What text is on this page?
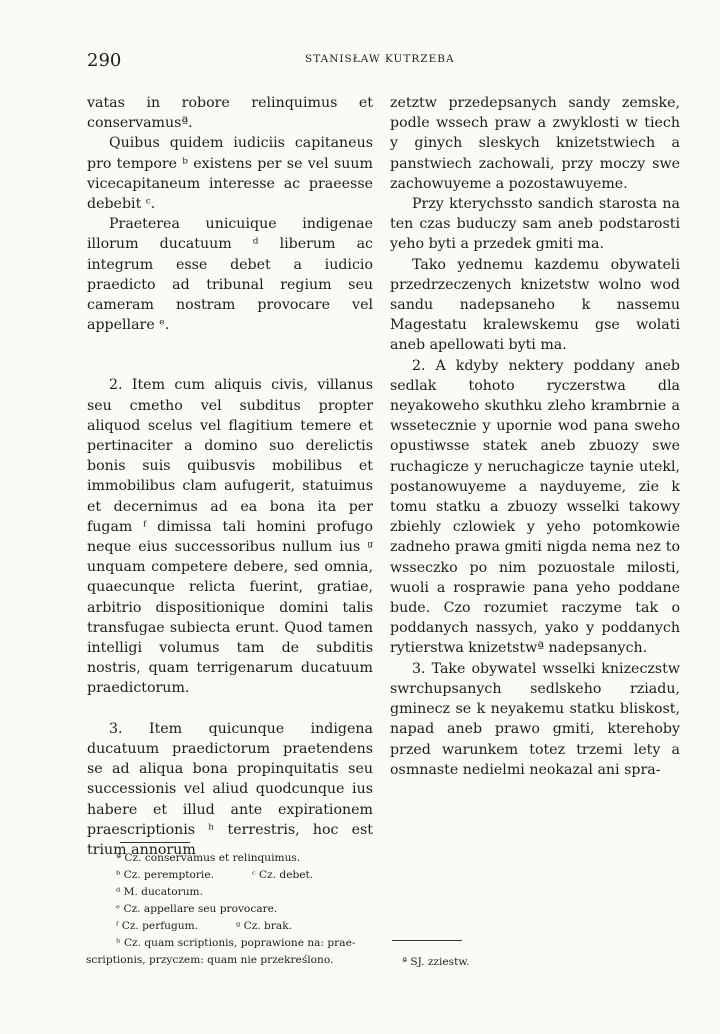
290	STANISŁAW KUTRZEBA

vatas in robore relinquimus et conservamusª.

Quibus quidem iudiciis capitaneus pro tempore ᵇ existens per se vel suum vicecapitaneum interesse ac praeesse debebit ᶜ.

Praeterea unicuique indigenae illorum ducatuum ᵈ liberum ac integrum esse debet a iudicio praedicto ad tribunal regium seu cameram nostram provocare vel appellare ᵉ.

2. Item cum aliquis civis, villanus seu cmetho vel subditus propter aliquod scelus vel flagitium temere et pertinaciter a domino suo derelictis bonis suis quibusvis mobilibus et immobilibus clam aufugerit, statuimus et decernimus ad ea bona ita per fugam ᶠ dimissa tali homini profugo neque eius successoribus nullum ius ᵍ unquam competere debere, sed omnia, quaecunque relicta fuerint, gratiae, arbitrio dispositionique domini talis transfugae subiecta erunt. Quod tamen intelligi volumus tam de subditis nostris, quam terrigenarum ducatuum praedictorum.

3. Item quicunque indigena ducatuum praedictorum praetendens se ad aliqua bona propinquitatis seu successionis vel aliud quodcunque ius habere et illud ante expirationem praescriptionis ʰ terrestris, hoc est trium annorum

zetztw przedepsanych sandy zemske, podle wssech praw a zwyklosti w tiech y ginych sleskych knizetstwiech a panstwiech zachowali, przy moczy swe zachowuyeme a pozostawuyeme.

Przy kterychssto sandich starosta na ten czas buduczy sam aneb podstarosti yeho byti a przedek gmiti ma.

Tako yednemu kazdemu obywateli przedrzeczenych knizetstw wolno wod sandu nadepsaneho k nassemu Magestatu kralewskemu gse wolati aneb apellowati byti ma.

2. A kdyby nektery poddany aneb sedlak tohoto ryczerstwa dla neyakoweho skuthku zleho krambrnie a wssetecznie y upornie wod pana sweho opustiwsse statek aneb zbuozy swe ruchagicze y neruchagicze taynie utekl, postanowuyeme a nayduyeme, zie k tomu statku a zbuozy wsselki takowy zbiehly czlowiek y yeho potomkowie zadneho prawa gmiti nigda nema nez to wsseczko po nim pozuostale milosti, wuoli a rosprawie pana yeho poddane bude. Czo rozumiet raczyme tak o poddanych nassych, yako y poddanych rytierstwa knizetstwª nadepsanych.

3. Take obywatel wsselki knizeczstw swrchupsanych sedlskeho rziadu, gminecz se k neyakemu statku bliskost, napad aneb prawo gmiti, kterehoby przed warunkem totez trzemi lety a osmnaste nedielmi neokazal ani spra-

ª Cz. conservamus et relinquimus.
ᵇ Cz. peremptorie.	ᶜ Cz. debet.
ᵈ M. ducatorum.
ᵉ Cz. appellare seu provocare.
ᶠ Cz. perfugum.	ᵍ Cz. brak.
ʰ Cz. quam scriptionis, poprawione na: prae-
scriptionis, przyczem: quam nie przekreślono.	ª SJ. zziestw.
